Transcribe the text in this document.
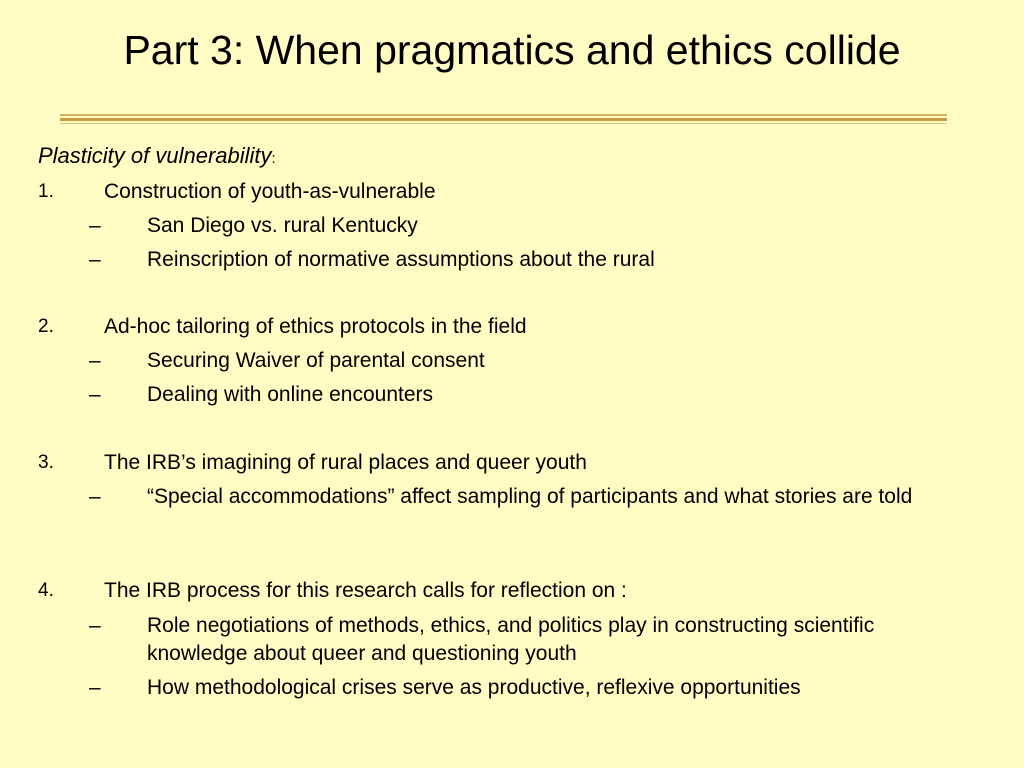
Part 3: When pragmatics and ethics collide
Plasticity of vulnerability:
1. Construction of youth-as-vulnerable
– San Diego vs. rural Kentucky
– Reinscription of normative assumptions about the rural
2. Ad-hoc tailoring of ethics protocols in the field
– Securing Waiver of parental consent
– Dealing with online encounters
3. The IRB’s imagining of rural places and queer youth
– “Special accommodations” affect sampling of participants and what stories are told
4. The IRB process for this research calls for reflection on :
– Role negotiations of methods, ethics, and politics play in constructing scientific knowledge about queer and questioning youth
– How methodological crises serve as productive, reflexive opportunities
